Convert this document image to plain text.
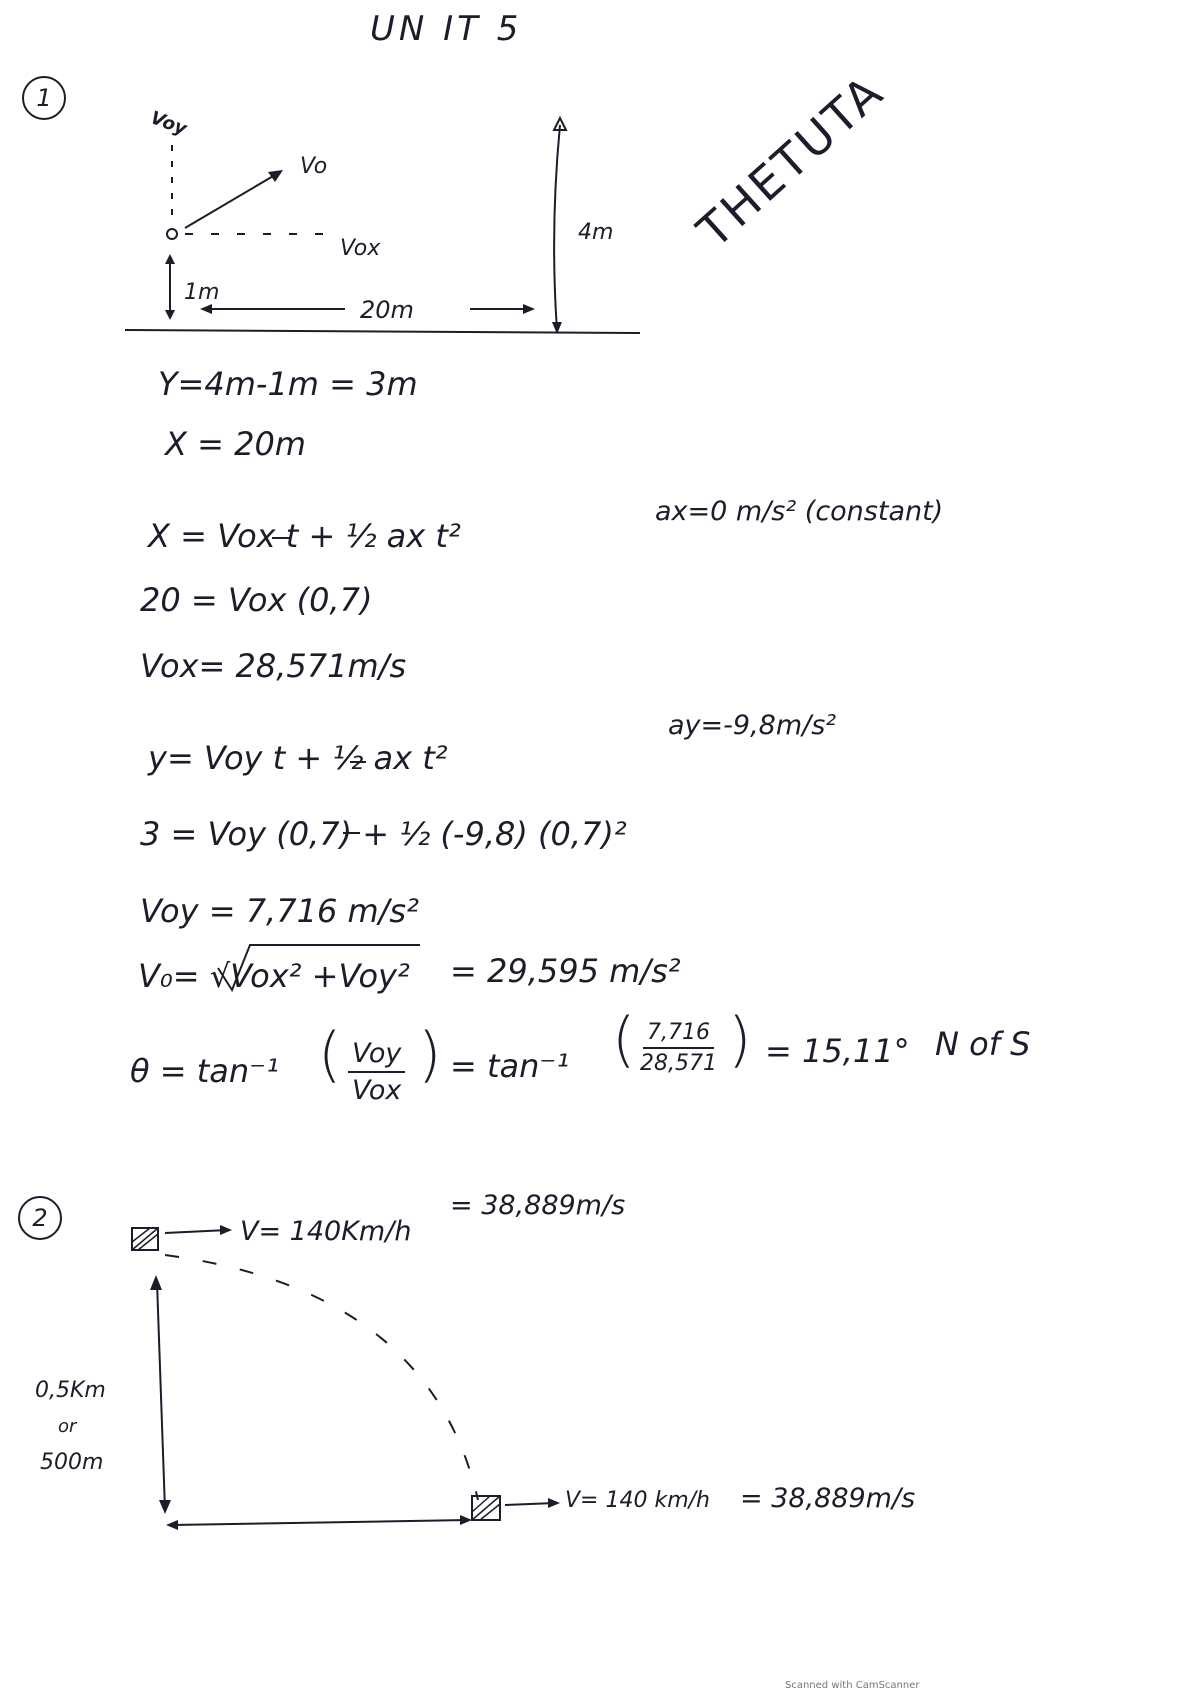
UN IT 5
1
Voy
Vo
Vox
1m
20m
4m THETUTA
Y=4m-1m = 3m
X = 20m
X = Vox t + ½ ax t²
ax=0 m/s² (constant)
20 = Vox (0,7)
Vox= 28,571m/s
y= Voy t + ½ ax t²
ay=-9,8m/s²
3 = Voy (0,7) + ½ (-9,8) (0,7)²
Voy = 7,716 m/s²
V₀= √Vox² +Voy² = 29,595 m/s²
θ = tan⁻¹ ( Voy
Vox
) = tan⁻¹ ( $\frac{7,716}{28,571}$ ) = 15,11° N of S
2	V= 140Km/h
= 38,889m/s
0,5Km
or
500m
V= 140 km/h = 38,889m/s
Scanned with CamScanner
